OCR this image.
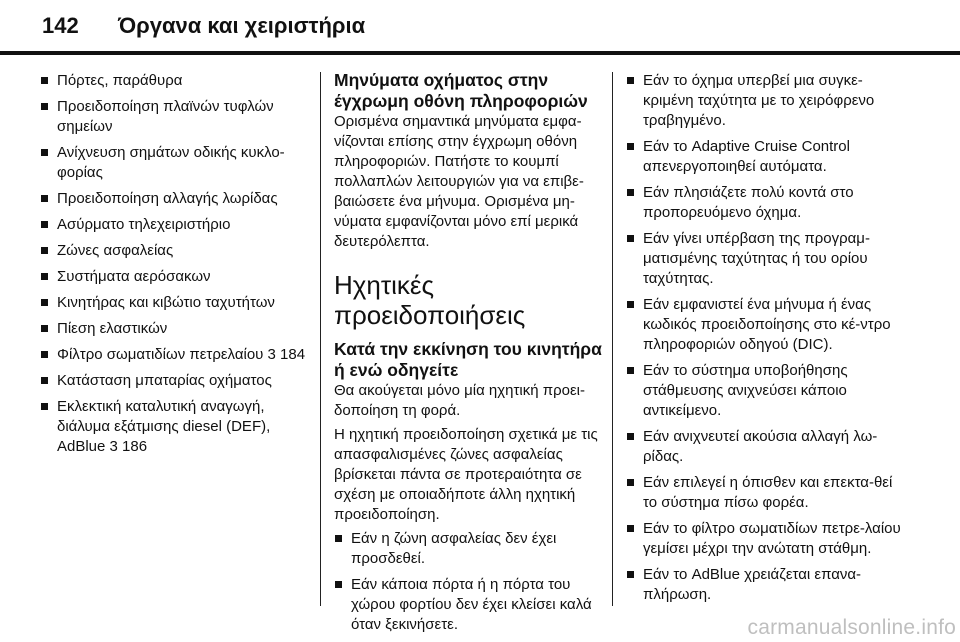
142 Όργανα και χειριστήρια
Πόρτες, παράθυρα
Προειδοποίηση πλαϊνών τυφλών σημείων
Ανίχνευση σημάτων οδικής κυκλο-φορίας
Προειδοποίηση αλλαγής λωρίδας
Ασύρματο τηλεχειριστήριο
Ζώνες ασφαλείας
Συστήματα αερόσακων
Κινητήρας και κιβώτιο ταχυτήτων
Πίεση ελαστικών
Φίλτρο σωματιδίων πετρελαίου 3 184
Κατάσταση μπαταρίας οχήματος
Εκλεκτική καταλυτική αναγωγή, διάλυμα εξάτμισης diesel (DEF), AdBlue 3 186
Μηνύματα οχήματος στην έγχρωμη οθόνη πληροφοριών
Ορισμένα σημαντικά μηνύματα εμφα-νίζονται επίσης στην έγχρωμη οθόνη πληροφοριών. Πατήστε το κουμπί πολλαπλών λειτουργιών για να επιβε-βαιώσετε ένα μήνυμα. Ορισμένα μη-νύματα εμφανίζονται μόνο επί μερικά δευτερόλεπτα.
Ηχητικές προειδοποιήσεις
Κατά την εκκίνηση του κινητήρα ή ενώ οδηγείτε
Θα ακούγεται μόνο μία ηχητική προει-δοποίηση τη φορά.
Η ηχητική προειδοποίηση σχετικά με τις απασφαλισμένες ζώνες ασφαλείας βρίσκεται πάντα σε προτεραιότητα σε σχέση με οποιαδήποτε άλλη ηχητική προειδοποίηση.
Εάν η ζώνη ασφαλείας δεν έχει προσδεθεί.
Εάν κάποια πόρτα ή η πόρτα του χώρου φορτίου δεν έχει κλείσει καλά όταν ξεκινήσετε.
Εάν το όχημα υπερβεί μια συγκε-κριμένη ταχύτητα με το χειρόφρενο τραβηγμένο.
Εάν το Adaptive Cruise Control απενεργοποιηθεί αυτόματα.
Εάν πλησιάζετε πολύ κοντά στο προπορευόμενο όχημα.
Εάν γίνει υπέρβαση της προγραμ-ματισμένης ταχύτητας ή του ορίου ταχύτητας.
Εάν εμφανιστεί ένα μήνυμα ή ένας κωδικός προειδοποίησης στο κέ-ντρο πληροφοριών οδηγού (DIC).
Εάν το σύστημα υποβοήθησης στάθμευσης ανιχνεύσει κάποιο αντικείμενο.
Εάν ανιχνευτεί ακούσια αλλαγή λω-ρίδας.
Εάν επιλεγεί η όπισθεν και επεκτα-θεί το σύστημα πίσω φορέα.
Εάν το φίλτρο σωματιδίων πετρε-λαίου γεμίσει μέχρι την ανώτατη στάθμη.
Εάν το AdBlue χρειάζεται επανα-πλήρωση.
carmanualsonline.info
